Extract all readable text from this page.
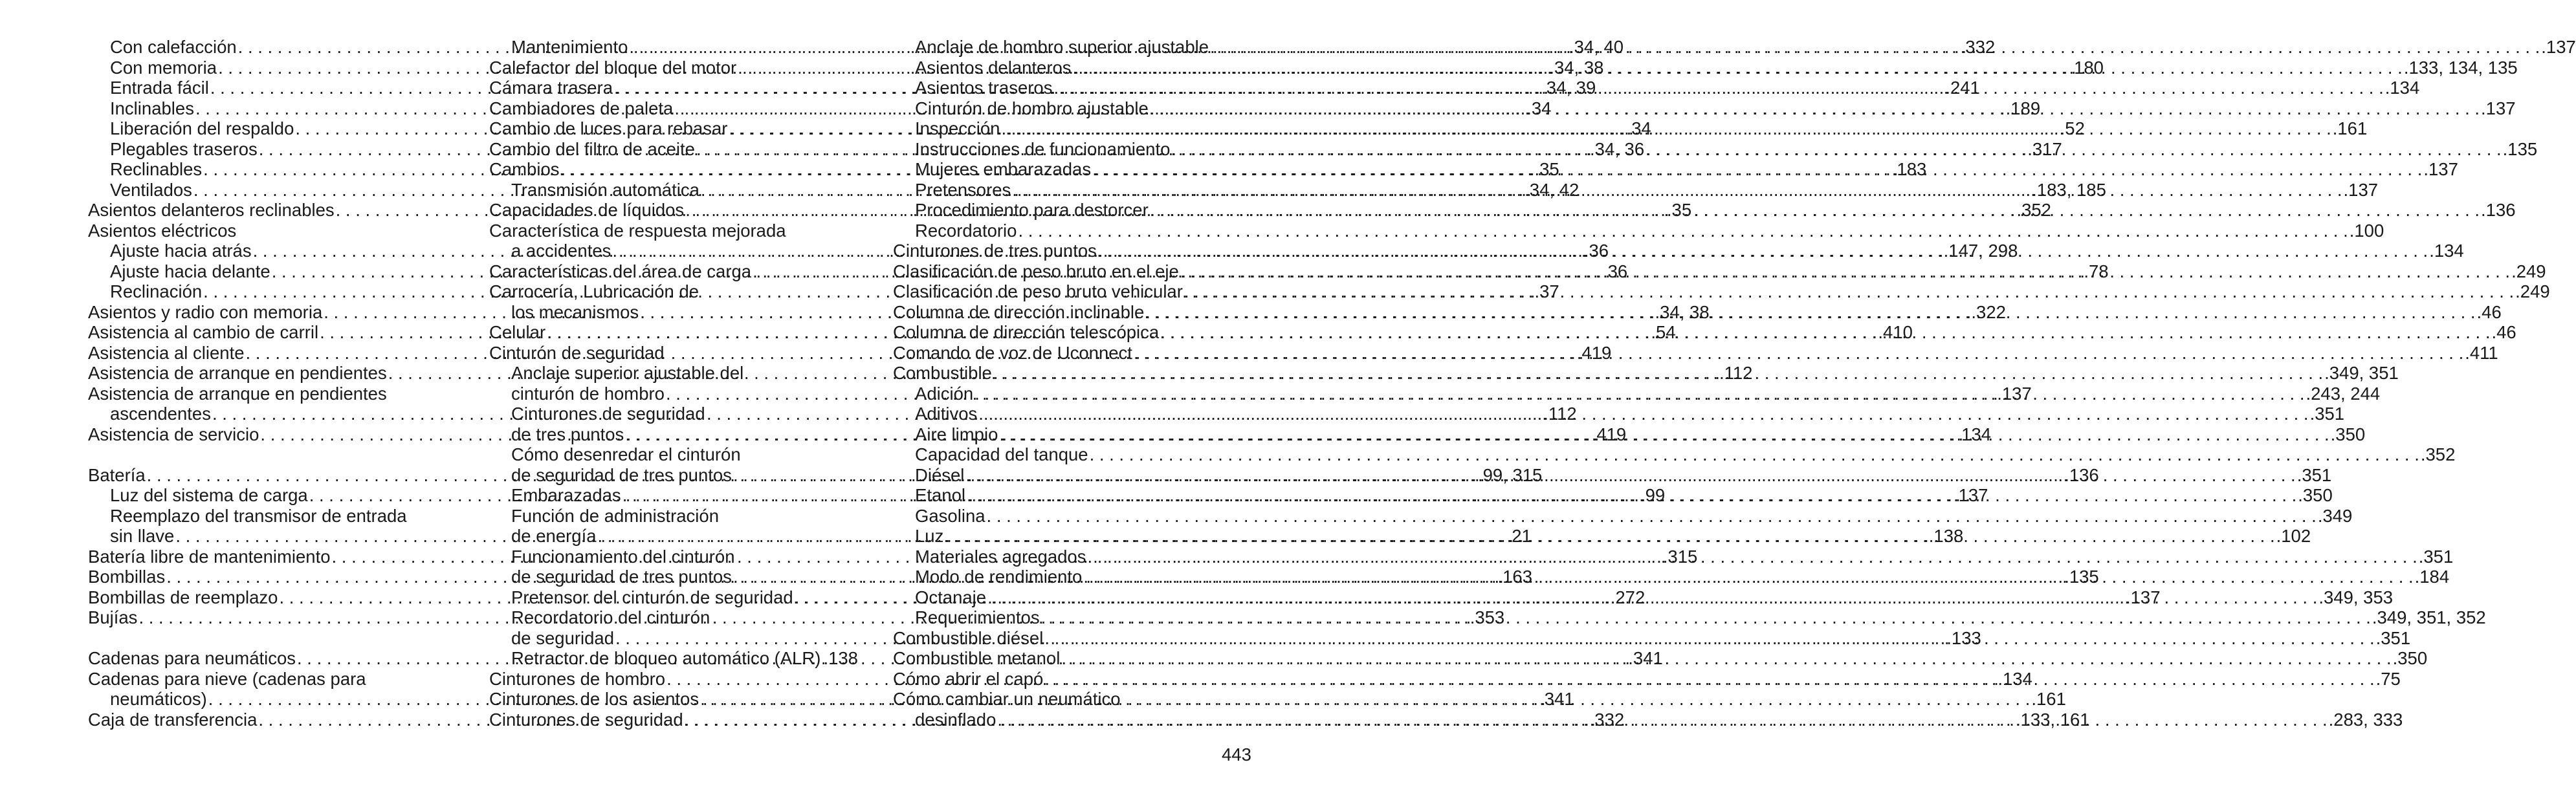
Con calefacción . . .	.34, 40
Con memoria . . .	.34, 38
Entrada fácil . . .	.34, 39
Inclinables . . .	.34
Liberación del respaldo . . .	.34
Plegables traseros . . .	.34, 36
Reclinables . . .	.35
Ventilados . . .	.34, 42
Asientos delanteros reclinables . . .	.35
Asientos eléctricos
Ajuste hacia atrás . . .	.36
Ajuste hacia delante . . .	.36
Reclinación . . .	.37
Asientos y radio con memoria . . .	.34, 38
Asistencia al cambio de carril . . .	.54
Asistencia al cliente . . .	.419
Asistencia de arranque en pendientes . . .	.112
Asistencia de arranque en pendientes
ascendentes . . .	.112
Asistencia de servicio . . .	.419
Batería . . .	.99, 315
Luz del sistema de carga . . .	.99
Reemplazo del transmisor de entrada
sin llave . . .	.21
Batería libre de mantenimiento . . .	.315
Bombillas . . .	.163
Bombillas de reemplazo . . .	.272
Bujías . . .	.353
Cadenas para neumáticos . . .	.341
Cadenas para nieve (cadenas para
neumáticos) . . .	.341
Caja de transferencia . . .	.332
Mantenimiento . . .	.332
Calefactor del bloque del motor . . .	.180
Cámara trasera . . .	.241
Cambiadores de paleta . . .	.189
Cambio de luces para rebasar . . .	.52
Cambio del filtro de aceite . . .	.317
Cambios . . .	.183
Transmisión automática . . .	.183, 185
Capacidades de líquidos . . .	.352
Característica de respuesta mejorada
a accidentes . . .	.147, 298
Características del área de carga . . .	.78
Carrocería, Lubricación de
los mecanismos . . .	.322
Celular . . .	.410
Cinturón de seguridad
Anclaje superior ajustable del
cinturón de hombro . . .	.137
Cinturones de seguridad
de tres puntos . . .	.134
Cómo desenredar el cinturón
de seguridad de tres puntos . . .	.136
Embarazadas . . .	.137
Función de administración
de energía . . .	.138
Funcionamiento del cinturón
de seguridad de tres puntos . . .	.135
Pretensor del cinturón de seguridad . . .	.137
Recordatorio del cinturón
de seguridad . . .	.133
Retractor de bloqueo automático (ALR) .138
Cinturones de hombro . . .	.134
Cinturones de los asientos . . .	.161
Cinturones de seguridad . . .	.133, 161
Anclaje de hombro superior ajustable . . .	.137
Asientos delanteros . . .	.133, 134, 135
Asientos traseros . . .	.134
Cinturón de hombro ajustable . . .	.137
Inspección . . .	.161
Instrucciones de funcionamiento . . .	.135
Mujeres embarazadas . . .	.137
Pretensores . . .	.137
Procedimiento para destorcer . . .	.136
Recordatorio . . .	.100
Cinturones de tres puntos . . .	.134
Clasificación de peso bruto en el eje . . .	.249
Clasificación de peso bruto vehicular . . .	.249
Columna de dirección inclinable . . .	.46
Columna de dirección telescópica . . .	.46
Comando de voz de Uconnect . . .	.411
Combustible . . .	.349, 351
Adición . . .	.243, 244
Aditivos . . .	.351
Aire limpio . . .	.350
Capacidad del tanque . . .	.352
Diésel . . .	.351
Etanol . . .	.350
Gasolina . . .	.349
Luz . . .	.102
Materiales agregados . . .	.351
Modo de rendimiento . . .	.184
Octanaje . . .	.349, 353
Requerimientos . . .	.349, 351, 352
Combustible diésel . . .	.351
Combustible metanol . . .	.350
Cómo abrir el capó . . .	.75
Cómo cambiar un neumático
desinflado . . .	.283, 333
443
